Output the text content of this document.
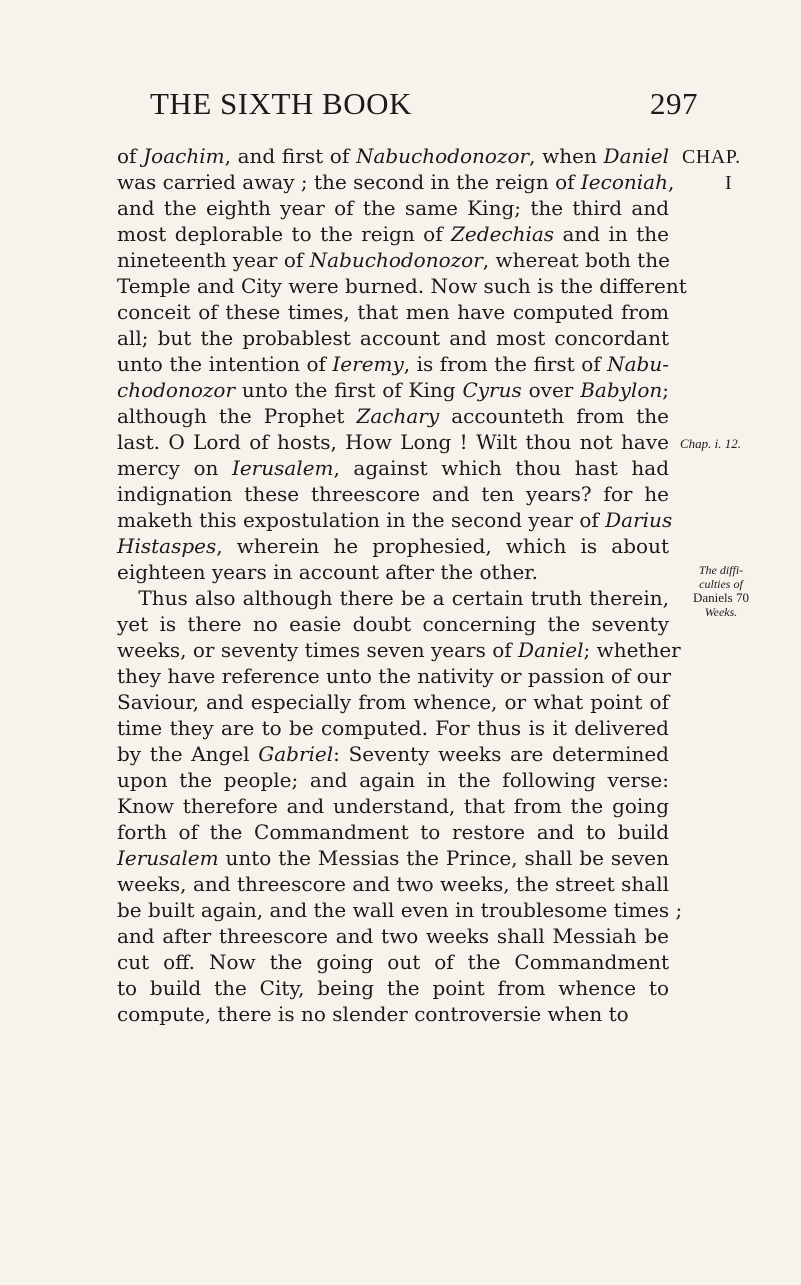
THE SIXTH BOOK	297
of Joachim, and first of Nabuchodonozor, when Daniel
was carried away ; the second in the reign of Ieconiah,
and the eighth year of the same King; the third and
most deplorable to the reign of Zedechias and in the
nineteenth year of Nabuchodonozor, whereat both the
Temple and City were burned. Now such is the different
conceit of these times, that men have computed from
all; but the probablest account and most concordant
unto the intention of Ieremy, is from the first of Nabu-
chodonozor unto the first of King Cyrus over Babylon;
although the Prophet Zachary accounteth from the
last. O Lord of hosts, How Long ! Wilt thou not have
mercy on Ierusalem, against which thou hast had
indignation these threescore and ten years? for he
maketh this expostulation in the second year of Darius
Histaspes, wherein he prophesied, which is about
eighteen years in account after the other.
Thus also although there be a certain truth therein,
yet is there no easie doubt concerning the seventy
weeks, or seventy times seven years of Daniel; whether
they have reference unto the nativity or passion of our
Saviour, and especially from whence, or what point of
time they are to be computed. For thus is it delivered
by the Angel Gabriel: Seventy weeks are determined
upon the people; and again in the following verse:
Know therefore and understand, that from the going
forth of the Commandment to restore and to build
Ierusalem unto the Messias the Prince, shall be seven
weeks, and threescore and two weeks, the street shall
be built again, and the wall even in troublesome times ;
and after threescore and two weeks shall Messiah be
cut off. Now the going out of the Commandment
to build the City, being the point from whence to
compute, there is no slender controversie when to
CHAP.
I
Chap. i. 12.
The diffi-
culties of
Daniels 70
Weeks.
